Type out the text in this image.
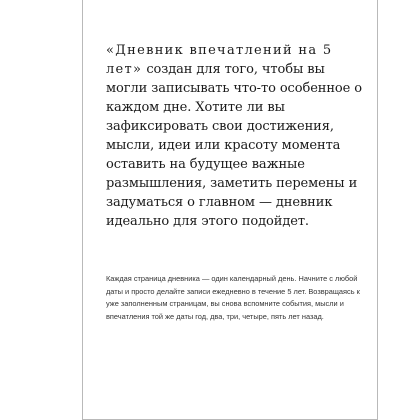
«Дневник впечатлений на 5 лет» создан для того, чтобы вы могли записывать что-то особенное о каждом дне. Хотите ли вы зафиксировать свои достижения, мысли, идеи или красоту момента оставить на будущее важные размышления, заметить перемены и задуматься о главном — дневник идеально для этого подойдет.

Каждая страница дневника — один календарный день. Начните с любой даты и просто делайте записи ежедневно в течение 5 лет. Возвращаясь к уже заполненным страницам, вы снова вспомните события, мысли и впечатления той же даты год, два, три, четыре, пять лет назад.
